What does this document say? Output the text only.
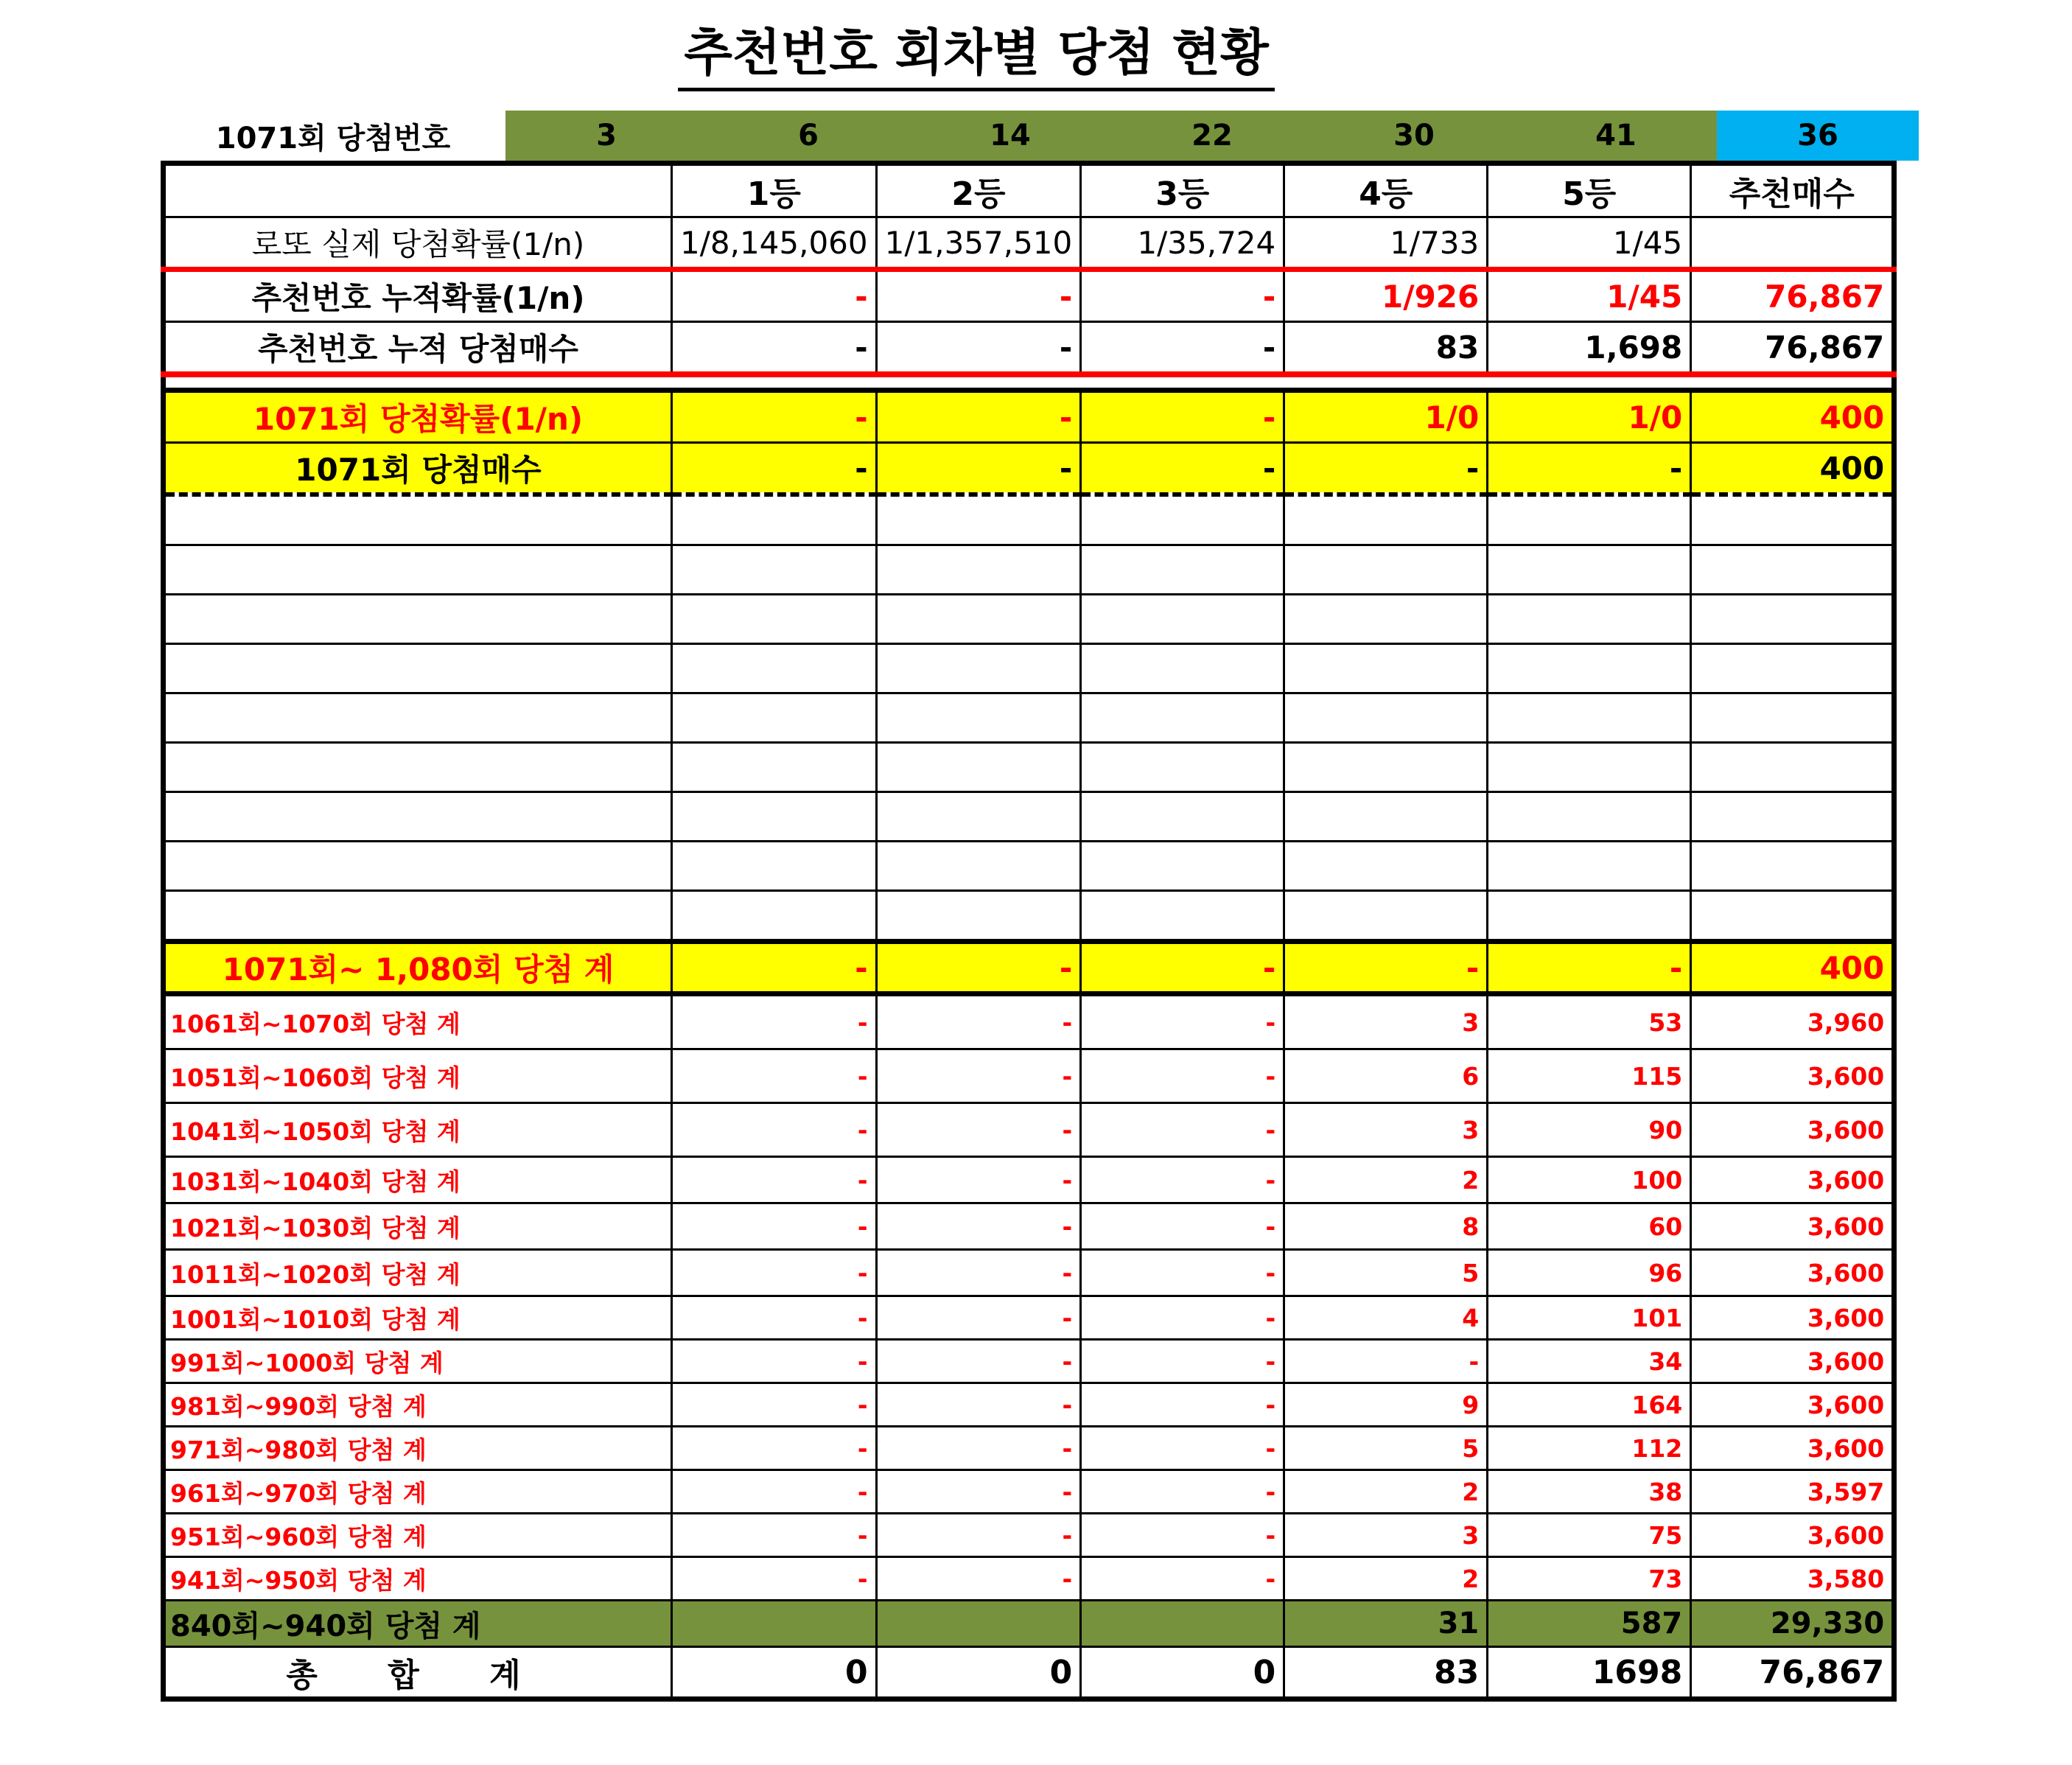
추천번호 회차별 당첨 현황
1071회 당첨번호	3	6	14	22	30	41	36
	1등	2등	3등	4등	5등	추천매수
로또 실제 당첨확률(1/n)	1/8,145,060	1/1,357,510	1/35,724	1/733	1/45	
추천번호 누적확률(1/n)	-	-	-	1/926	1/45	76,867
추천번호 누적 당첨매수	-	-	-	83	1,698	76,867

1071회 당첨확률(1/n)	-	-	-	1/0	1/0	400
1071회 당첨매수	-	-	-	-	-	400

1071회~ 1,080회 당첨 계	-	-	-	-	-	400
1061회~1070회 당첨 계	-	-	-	3	53	3,960
1051회~1060회 당첨 계	-	-	-	6	115	3,600
1041회~1050회 당첨 계	-	-	-	3	90	3,600
1031회~1040회 당첨 계	-	-	-	2	100	3,600
1021회~1030회 당첨 계	-	-	-	8	60	3,600
1011회~1020회 당첨 계	-	-	-	5	96	3,600
1001회~1010회 당첨 계	-	-	-	4	101	3,600
991회~1000회 당첨 계	-	-	-	-	34	3,600
981회~990회 당첨 계	-	-	-	9	164	3,600
971회~980회 당첨 계	-	-	-	5	112	3,600
961회~970회 당첨 계	-	-	-	2	38	3,597
951회~960회 당첨 계	-	-	-	3	75	3,600
941회~950회 당첨 계	-	-	-	2	73	3,580
840회~940회 당첨 계				31	587	29,330
총 합 계	0	0	0	83	1698	76,867
